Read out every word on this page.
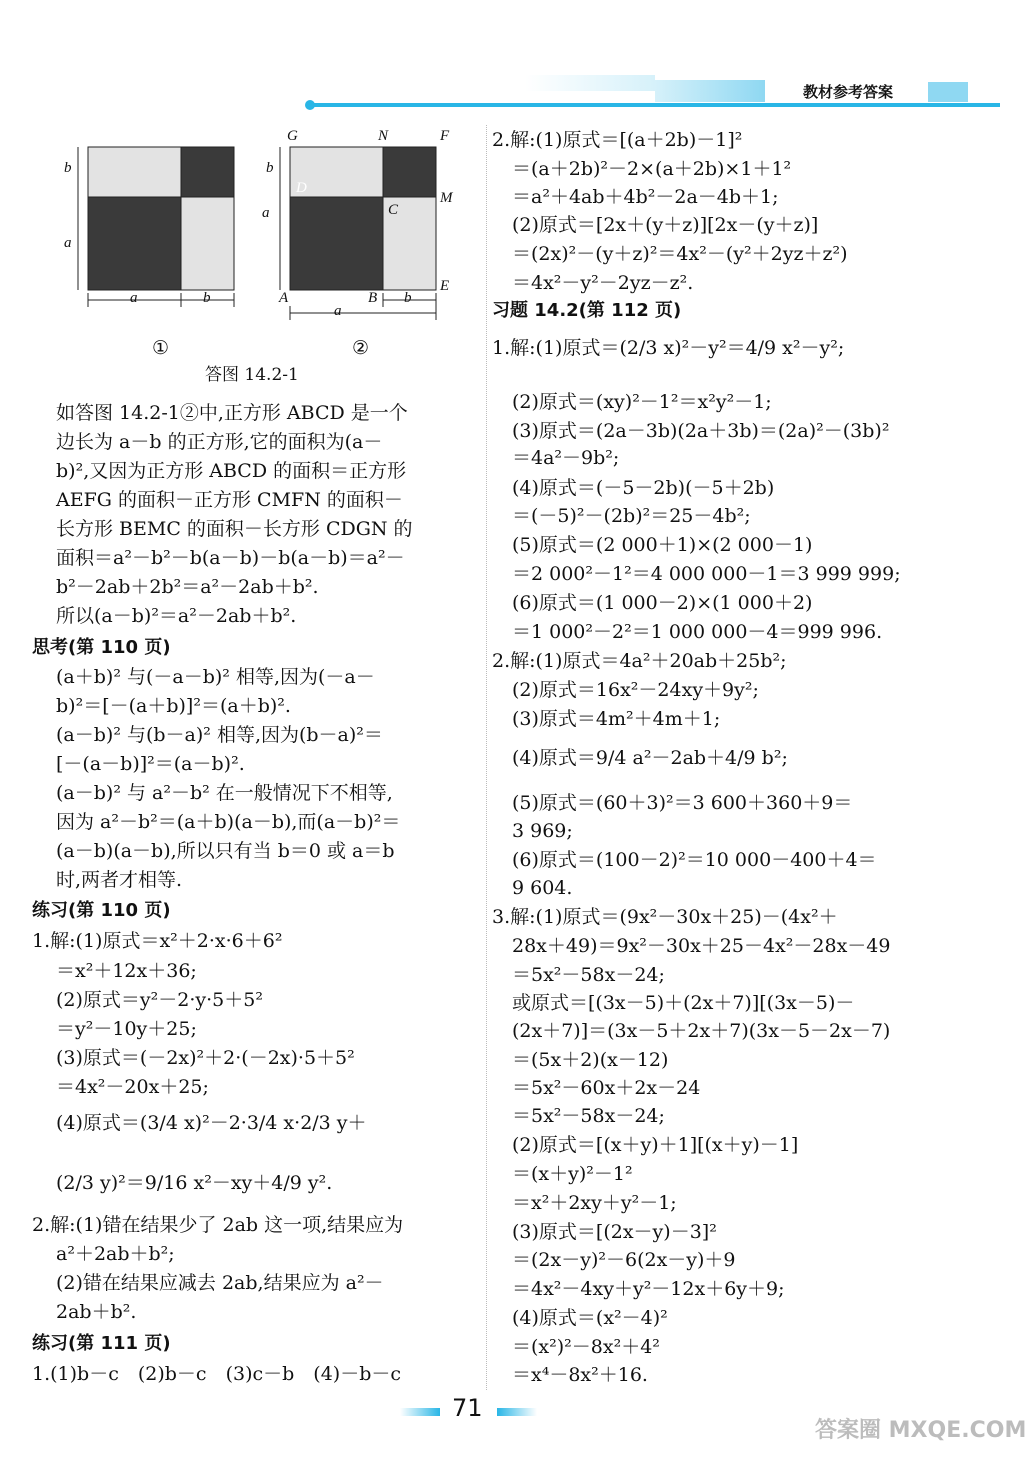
教材参考答案
b
a
a	b
G	N	F
D
C
M
A	B
E
b
a
b
a
①	②
答图 14.2-1
如答图 14.2-1②中,正方形 ABCD 是一个
边长为 a－b 的正方形,它的面积为(a－
b)²,又因为正方形 ABCD 的面积＝正方形
AEFG 的面积－正方形 CMFN 的面积－
长方形 BEMC 的面积－长方形 CDGN 的
面积＝a²－b²－b(a－b)－b(a－b)＝a²－
b²－2ab＋2b²＝a²－2ab＋b².
所以(a－b)²＝a²－2ab＋b².
思考(第 110 页)
(a＋b)² 与(－a－b)² 相等,因为(－a－
b)²＝[－(a＋b)]²＝(a＋b)².
(a－b)² 与(b－a)² 相等,因为(b－a)²＝
[－(a－b)]²＝(a－b)².
(a－b)² 与 a²－b² 在一般情况下不相等,
因为 a²－b²＝(a＋b)(a－b),而(a－b)²＝
(a－b)(a－b),所以只有当 b＝0 或 a＝b
时,两者才相等.
练习(第 110 页)
1.解:(1)原式＝x²＋2·x·6＋6²
＝x²＋12x＋36;
(2)原式＝y²－2·y·5＋5²
＝y²－10y＋25;
(3)原式＝(－2x)²＋2·(－2x)·5＋5²
＝4x²－20x＋25;
(4)原式＝(3/4 x)²－2·3/4 x·2/3 y＋
(2/3 y)²＝9/16 x²－xy＋4/9 y².
2.解:(1)错在结果少了 2ab 这一项,结果应为
a²＋2ab＋b²;
(2)错在结果应减去 2ab,结果应为 a²－
2ab＋b².
练习(第 111 页)
1.(1)b－c　(2)b－c　(3)c－b　(4)－b－c
2.解:(1)原式＝[(a＋2b)－1]²
＝(a＋2b)²－2×(a＋2b)×1＋1²
＝a²＋4ab＋4b²－2a－4b＋1;
(2)原式＝[2x＋(y＋z)][2x－(y＋z)]
＝(2x)²－(y＋z)²＝4x²－(y²＋2yz＋z²)
＝4x²－y²－2yz－z².
习题 14.2(第 112 页)
1.解:(1)原式＝(2/3 x)²－y²＝4/9 x²－y²;
(2)原式＝(xy)²－1²＝x²y²－1;
(3)原式＝(2a－3b)(2a＋3b)＝(2a)²－(3b)²
＝4a²－9b²;
(4)原式＝(－5－2b)(－5＋2b)
＝(－5)²－(2b)²＝25－4b²;
(5)原式＝(2 000＋1)×(2 000－1)
＝2 000²－1²＝4 000 000－1＝3 999 999;
(6)原式＝(1 000－2)×(1 000＋2)
＝1 000²－2²＝1 000 000－4＝999 996.
2.解:(1)原式＝4a²＋20ab＋25b²;
(2)原式＝16x²－24xy＋9y²;
(3)原式＝4m²＋4m＋1;
(4)原式＝9/4 a²－2ab＋4/9 b²;
(5)原式＝(60＋3)²＝3 600＋360＋9＝
3 969;
(6)原式＝(100－2)²＝10 000－400＋4＝
9 604.
3.解:(1)原式＝(9x²－30x＋25)－(4x²＋
28x＋49)＝9x²－30x＋25－4x²－28x－49
＝5x²－58x－24;
或原式＝[(3x－5)＋(2x＋7)][(3x－5)－
(2x＋7)]＝(3x－5＋2x＋7)(3x－5－2x－7)
＝(5x＋2)(x－12)
＝5x²－60x＋2x－24
＝5x²－58x－24;
(2)原式＝[(x＋y)＋1][(x＋y)－1]
＝(x＋y)²－1²
＝x²＋2xy＋y²－1;
(3)原式＝[(2x－y)－3]²
＝(2x－y)²－6(2x－y)＋9
＝4x²－4xy＋y²－12x＋6y＋9;
(4)原式＝(x²－4)²
＝(x²)²－8x²＋4²
＝x⁴－8x²＋16.
71
答案圈 MXQE.COM
